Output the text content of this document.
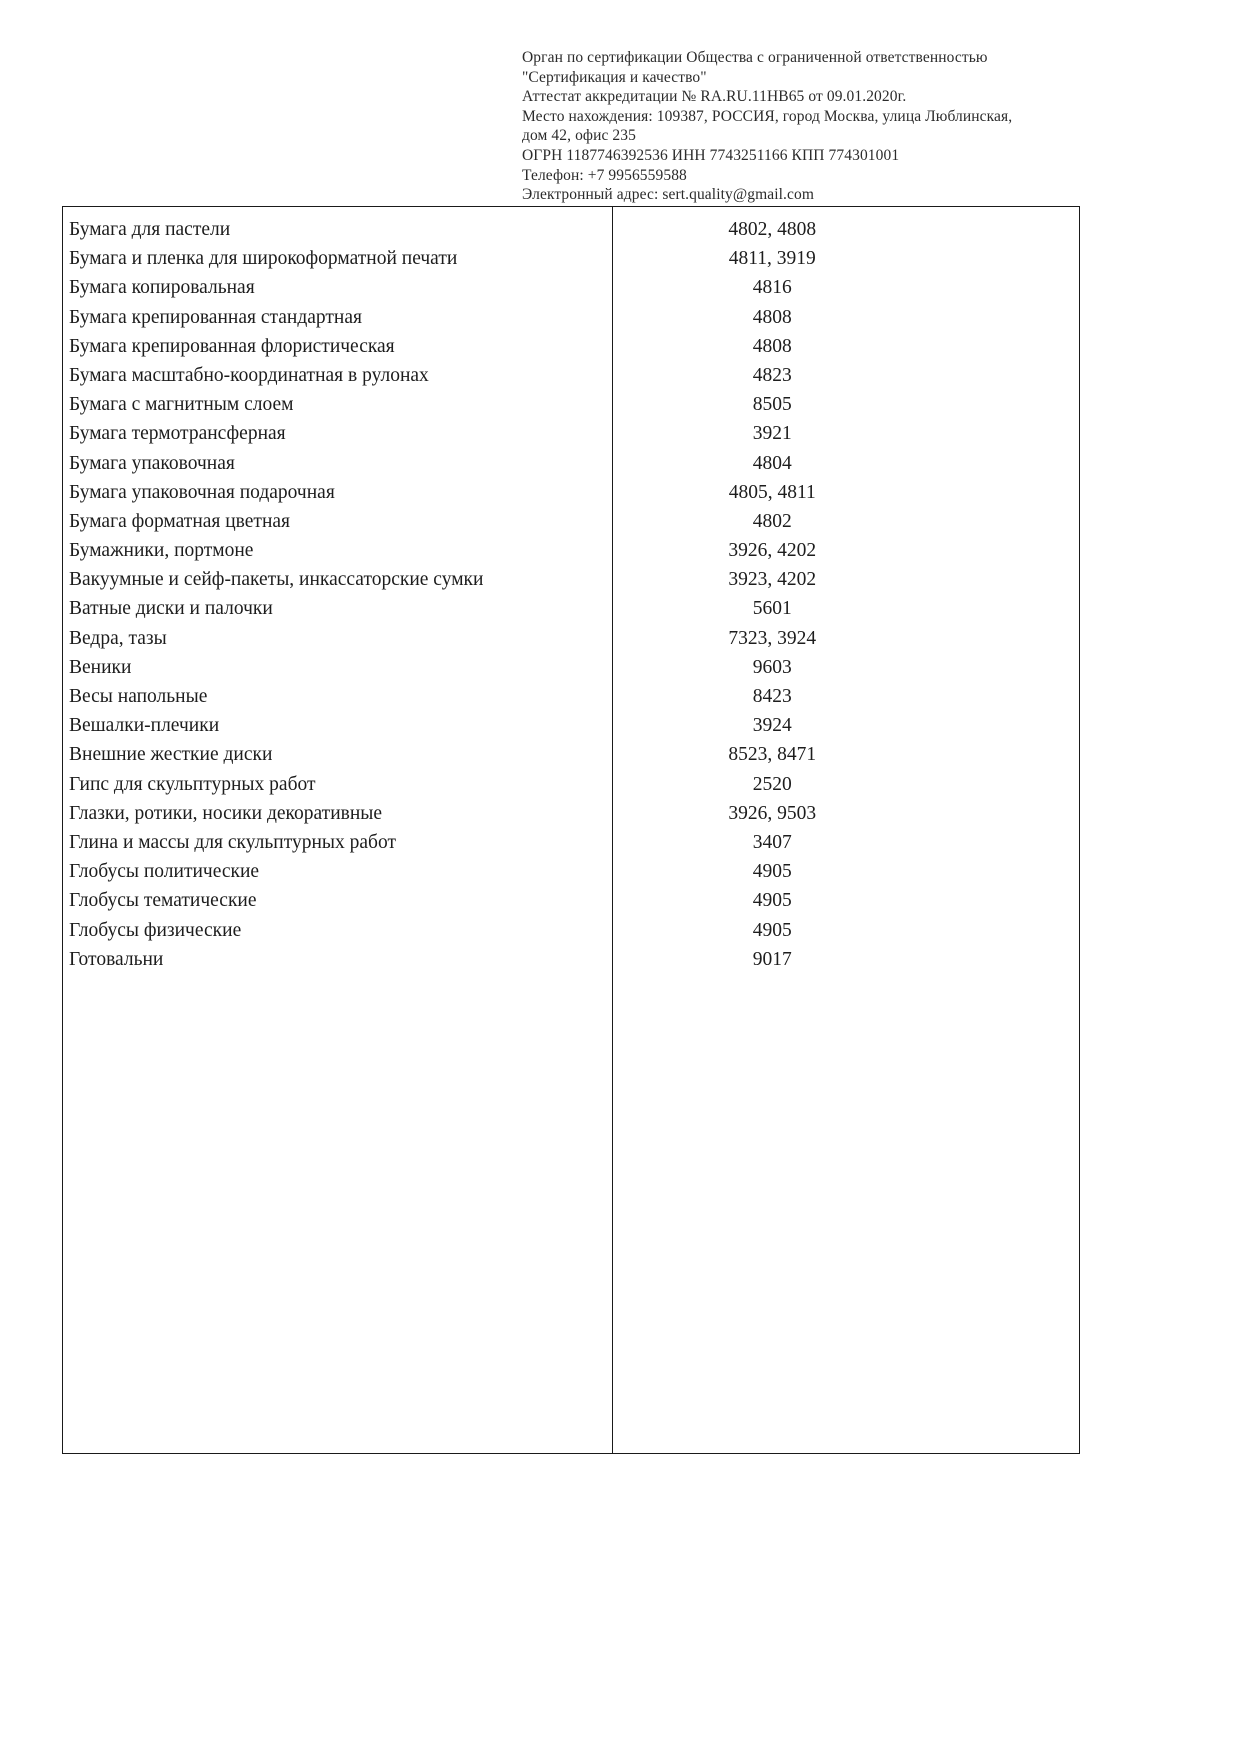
Орган по сертификации Общества с ограниченной ответственностью
"Сертификация и качество"
Аттестат аккредитации № RA.RU.11НВ65 от 09.01.2020г.
Место нахождения: 109387, РОССИЯ, город Москва, улица Люблинская,
дом 42, офис 235
ОГРН 1187746392536 ИНН 7743251166 КПП 774301001
Телефон: +7 9956559588
Электронный адрес: sert.quality@gmail.com
Бумага для пастели	4802, 4808
Бумага и пленка для широкоформатной печати	4811, 3919
Бумага копировальная	4816
Бумага крепированная стандартная	4808
Бумага крепированная флористическая	4808
Бумага масштабно-координатная в рулонах	4823
Бумага с магнитным слоем	8505
Бумага термотрансферная	3921
Бумага упаковочная	4804
Бумага упаковочная подарочная	4805, 4811
Бумага форматная цветная	4802
Бумажники, портмоне	3926, 4202
Вакуумные и сейф-пакеты, инкассаторские сумки	3923, 4202
Ватные диски и палочки	5601
Ведра, тазы	7323, 3924
Веники	9603
Весы напольные	8423
Вешалки-плечики	3924
Внешние жесткие диски	8523, 8471
Гипс для скульптурных работ	2520
Глазки, ротики, носики декоративные	3926, 9503
Глина и массы для скульптурных работ	3407
Глобусы политические	4905
Глобусы тематические	4905
Глобусы физические	4905
Готовальни	9017
